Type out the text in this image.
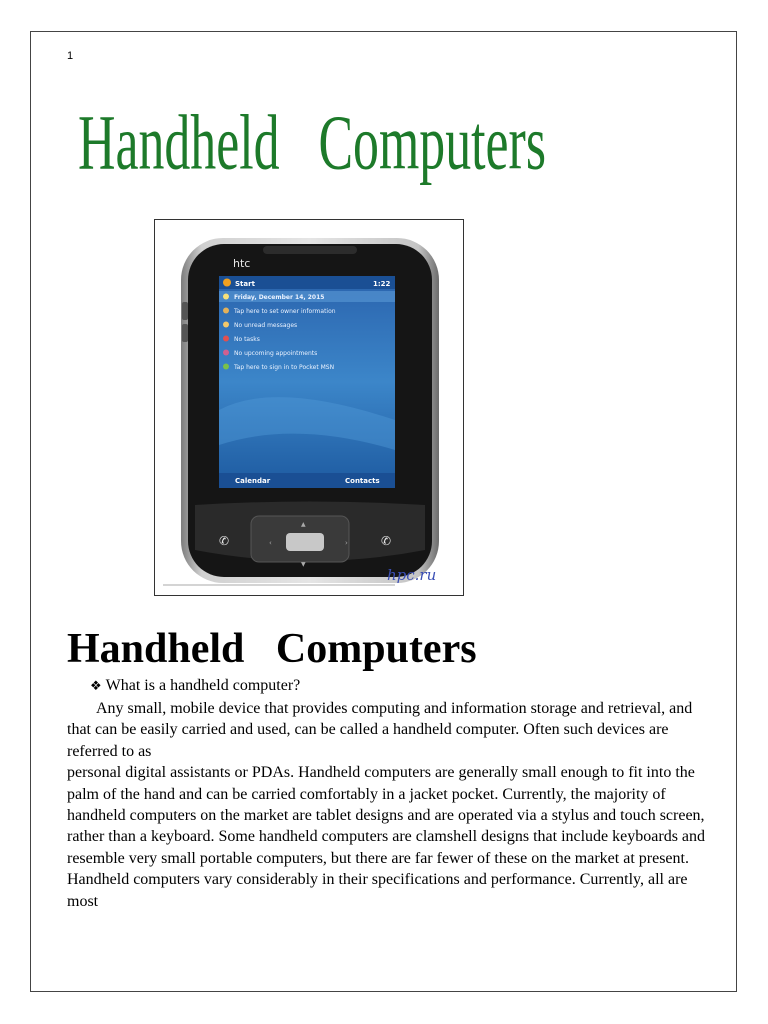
1
Handheld   Computers
htc
Start	1:22
Friday, December 14, 2015
Tap here to set owner information
No unread messages
No tasks
No upcoming appointments
Tap here to sign in to Pocket MSN
Calendar	Contacts
‹	›
▲
▼
✆	✆
hpc.ru
Handheld   Computers
❖ What is a handheld computer?
Any small, mobile device that provides computing and information storage and retrieval, and that can be easily carried and used, can be called a handheld computer. Often such devices are referred to as
personal digital assistants or PDAs. Handheld computers are generally small enough to fit into the palm of the hand and can be carried comfortably in a jacket pocket. Currently, the majority of handheld computers on the market are tablet designs and are operated via a stylus and touch screen, rather than a keyboard. Some handheld computers are clamshell designs that include keyboards and resemble very small portable computers, but there are far fewer of these on the market at present. Handheld computers vary considerably in their specifications and performance. Currently, all are most
